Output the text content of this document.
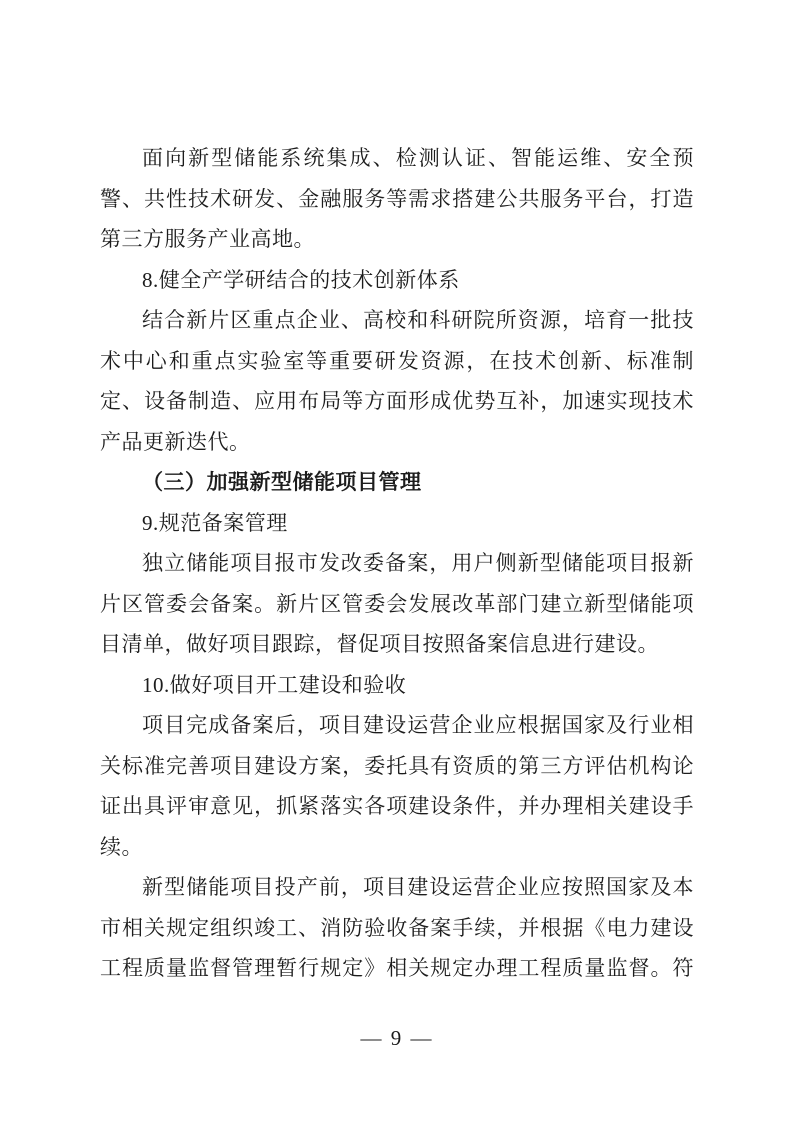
面向新型储能系统集成、检测认证、智能运维、安全预警、共性技术研发、金融服务等需求搭建公共服务平台，打造第三方服务产业高地。

8.健全产学研结合的技术创新体系

结合新片区重点企业、高校和科研院所资源，培育一批技术中心和重点实验室等重要研发资源，在技术创新、标准制定、设备制造、应用布局等方面形成优势互补，加速实现技术产品更新迭代。

（三）加强新型储能项目管理

9.规范备案管理

独立储能项目报市发改委备案，用户侧新型储能项目报新片区管委会备案。新片区管委会发展改革部门建立新型储能项目清单，做好项目跟踪，督促项目按照备案信息进行建设。

10.做好项目开工建设和验收

项目完成备案后，项目建设运营企业应根据国家及行业相关标准完善项目建设方案，委托具有资质的第三方评估机构论证出具评审意见，抓紧落实各项建设条件，并办理相关建设手续。

新型储能项目投产前，项目建设运营企业应按照国家及本市相关规定组织竣工、消防验收备案手续，并根据《电力建设工程质量监督管理暂行规定》相关规定办理工程质量监督。符

— 9 —
